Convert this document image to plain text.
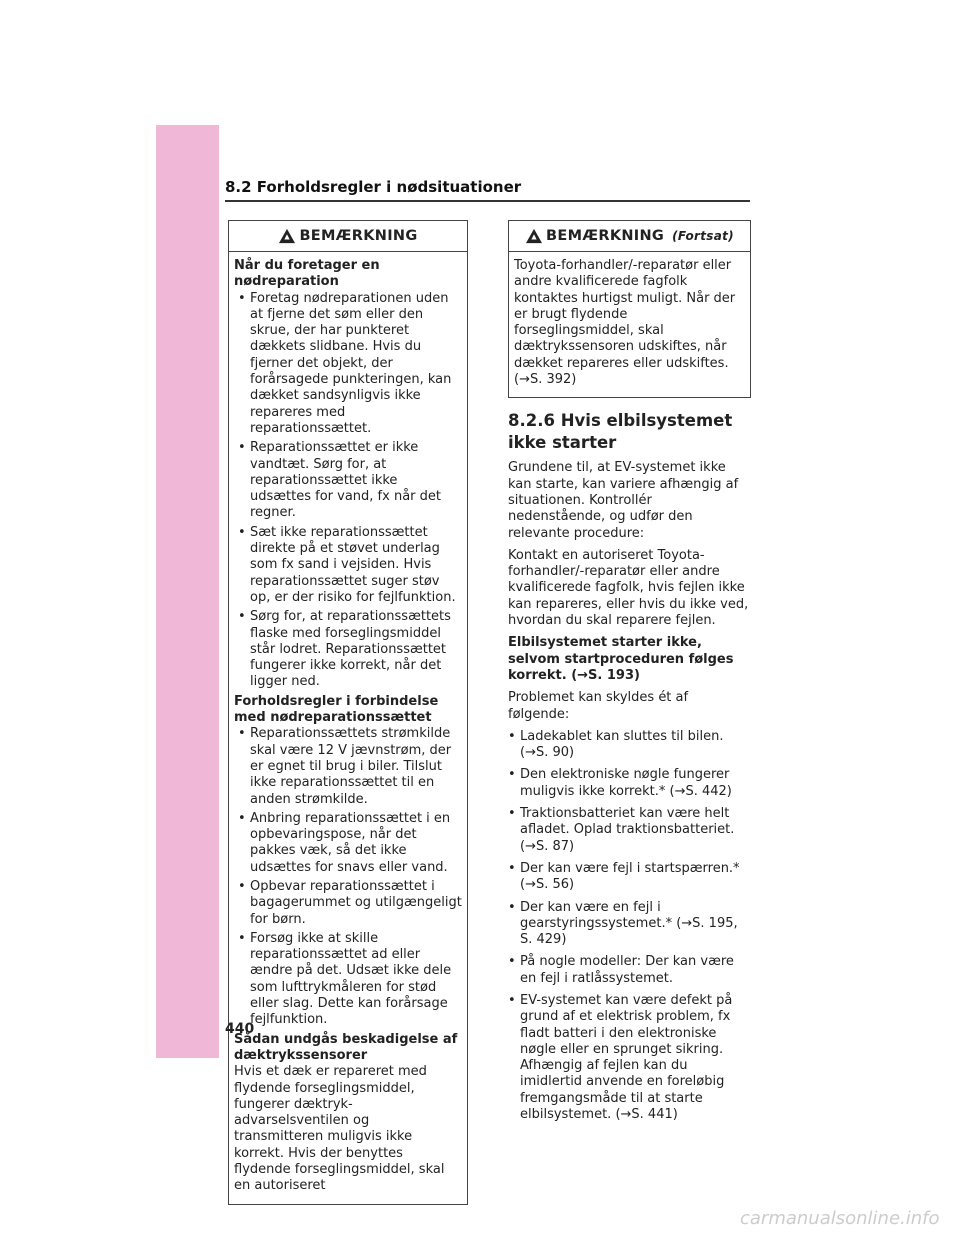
8.2 Forholdsregler i nødsituationer
BEMÆRKNING

Når du foretager en nødreparation

• Foretag nødreparationen uden at fjerne det søm eller den skrue, der har punkteret dækkets slidbane. Hvis du fjerner det objekt, der forårsagede punkteringen, kan dækket sandsynligvis ikke repareres med reparationssættet.

• Reparationssættet er ikke vandtæt. Sørg for, at reparationssættet ikke udsættes for vand, fx når det regner.

• Sæt ikke reparationssættet direkte på et støvet underlag som fx sand i vejsiden. Hvis reparationssættet suger støv op, er der risiko for fejlfunktion.

• Sørg for, at reparationssættets flaske med forseglingsmiddel står lodret. Reparationssættet fungerer ikke korrekt, når det ligger ned.

Forholdsregler i forbindelse med nødreparationssættet

• Reparationssættets strømkilde skal være 12 V jævnstrøm, der er egnet til brug i biler. Tilslut ikke reparationssættet til en anden strømkilde.

• Anbring reparationssættet i en opbevaringspose, når det pakkes væk, så det ikke udsættes for snavs eller vand.

• Opbevar reparationssættet i bagagerummet og utilgængeligt for børn.

• Forsøg ikke at skille reparationssættet ad eller ændre på det. Udsæt ikke dele som lufttrykmåleren for stød eller slag. Dette kan forårsage fejlfunktion.

Sådan undgås beskadigelse af dæktrykssensorer

Hvis et dæk er repareret med flydende forseglingsmiddel, fungerer dæktryk-advarselsventilen og transmitteren muligvis ikke korrekt. Hvis der benyttes flydende forseglingsmiddel, skal en autoriseret

BEMÆRKNING (Fortsat)

Toyota-forhandler/-reparatør eller andre kvalificerede fagfolk kontaktes hurtigst muligt. Når der er brugt flydende forseglingsmiddel, skal dæktrykssensoren udskiftes, når dækket repareres eller udskiftes. (→S. 392)

8.2.6 Hvis elbilsystemet ikke starter

Grundene til, at EV-systemet ikke kan starte, kan variere afhængig af situationen. Kontrollér nedenstående, og udfør den relevante procedure:

Kontakt en autoriseret Toyota-forhandler/-reparatør eller andre kvalificerede fagfolk, hvis fejlen ikke kan repareres, eller hvis du ikke ved, hvordan du skal reparere fejlen.

Elbilsystemet starter ikke, selvom startproceduren følges korrekt. (→S. 193)

Problemet kan skyldes ét af følgende:

• Ladekablet kan sluttes til bilen. (→S. 90)

• Den elektroniske nøgle fungerer muligvis ikke korrekt.* (→S. 442)

• Traktionsbatteriet kan være helt afladet. Oplad traktionsbatteriet. (→S. 87)

• Der kan være fejl i startspærren.* (→S. 56)

• Der kan være en fejl i gearstyringssystemet.* (→S. 195, S. 429)

• På nogle modeller: Der kan være en fejl i ratlåssystemet.

• EV-systemet kan være defekt på grund af et elektrisk problem, fx fladt batteri i den elektroniske nøgle eller en sprunget sikring. Afhængig af fejlen kan du imidlertid anvende en foreløbig fremgangsmåde til at starte elbilsystemet. (→S. 441)

440
carmanualsonline.info
